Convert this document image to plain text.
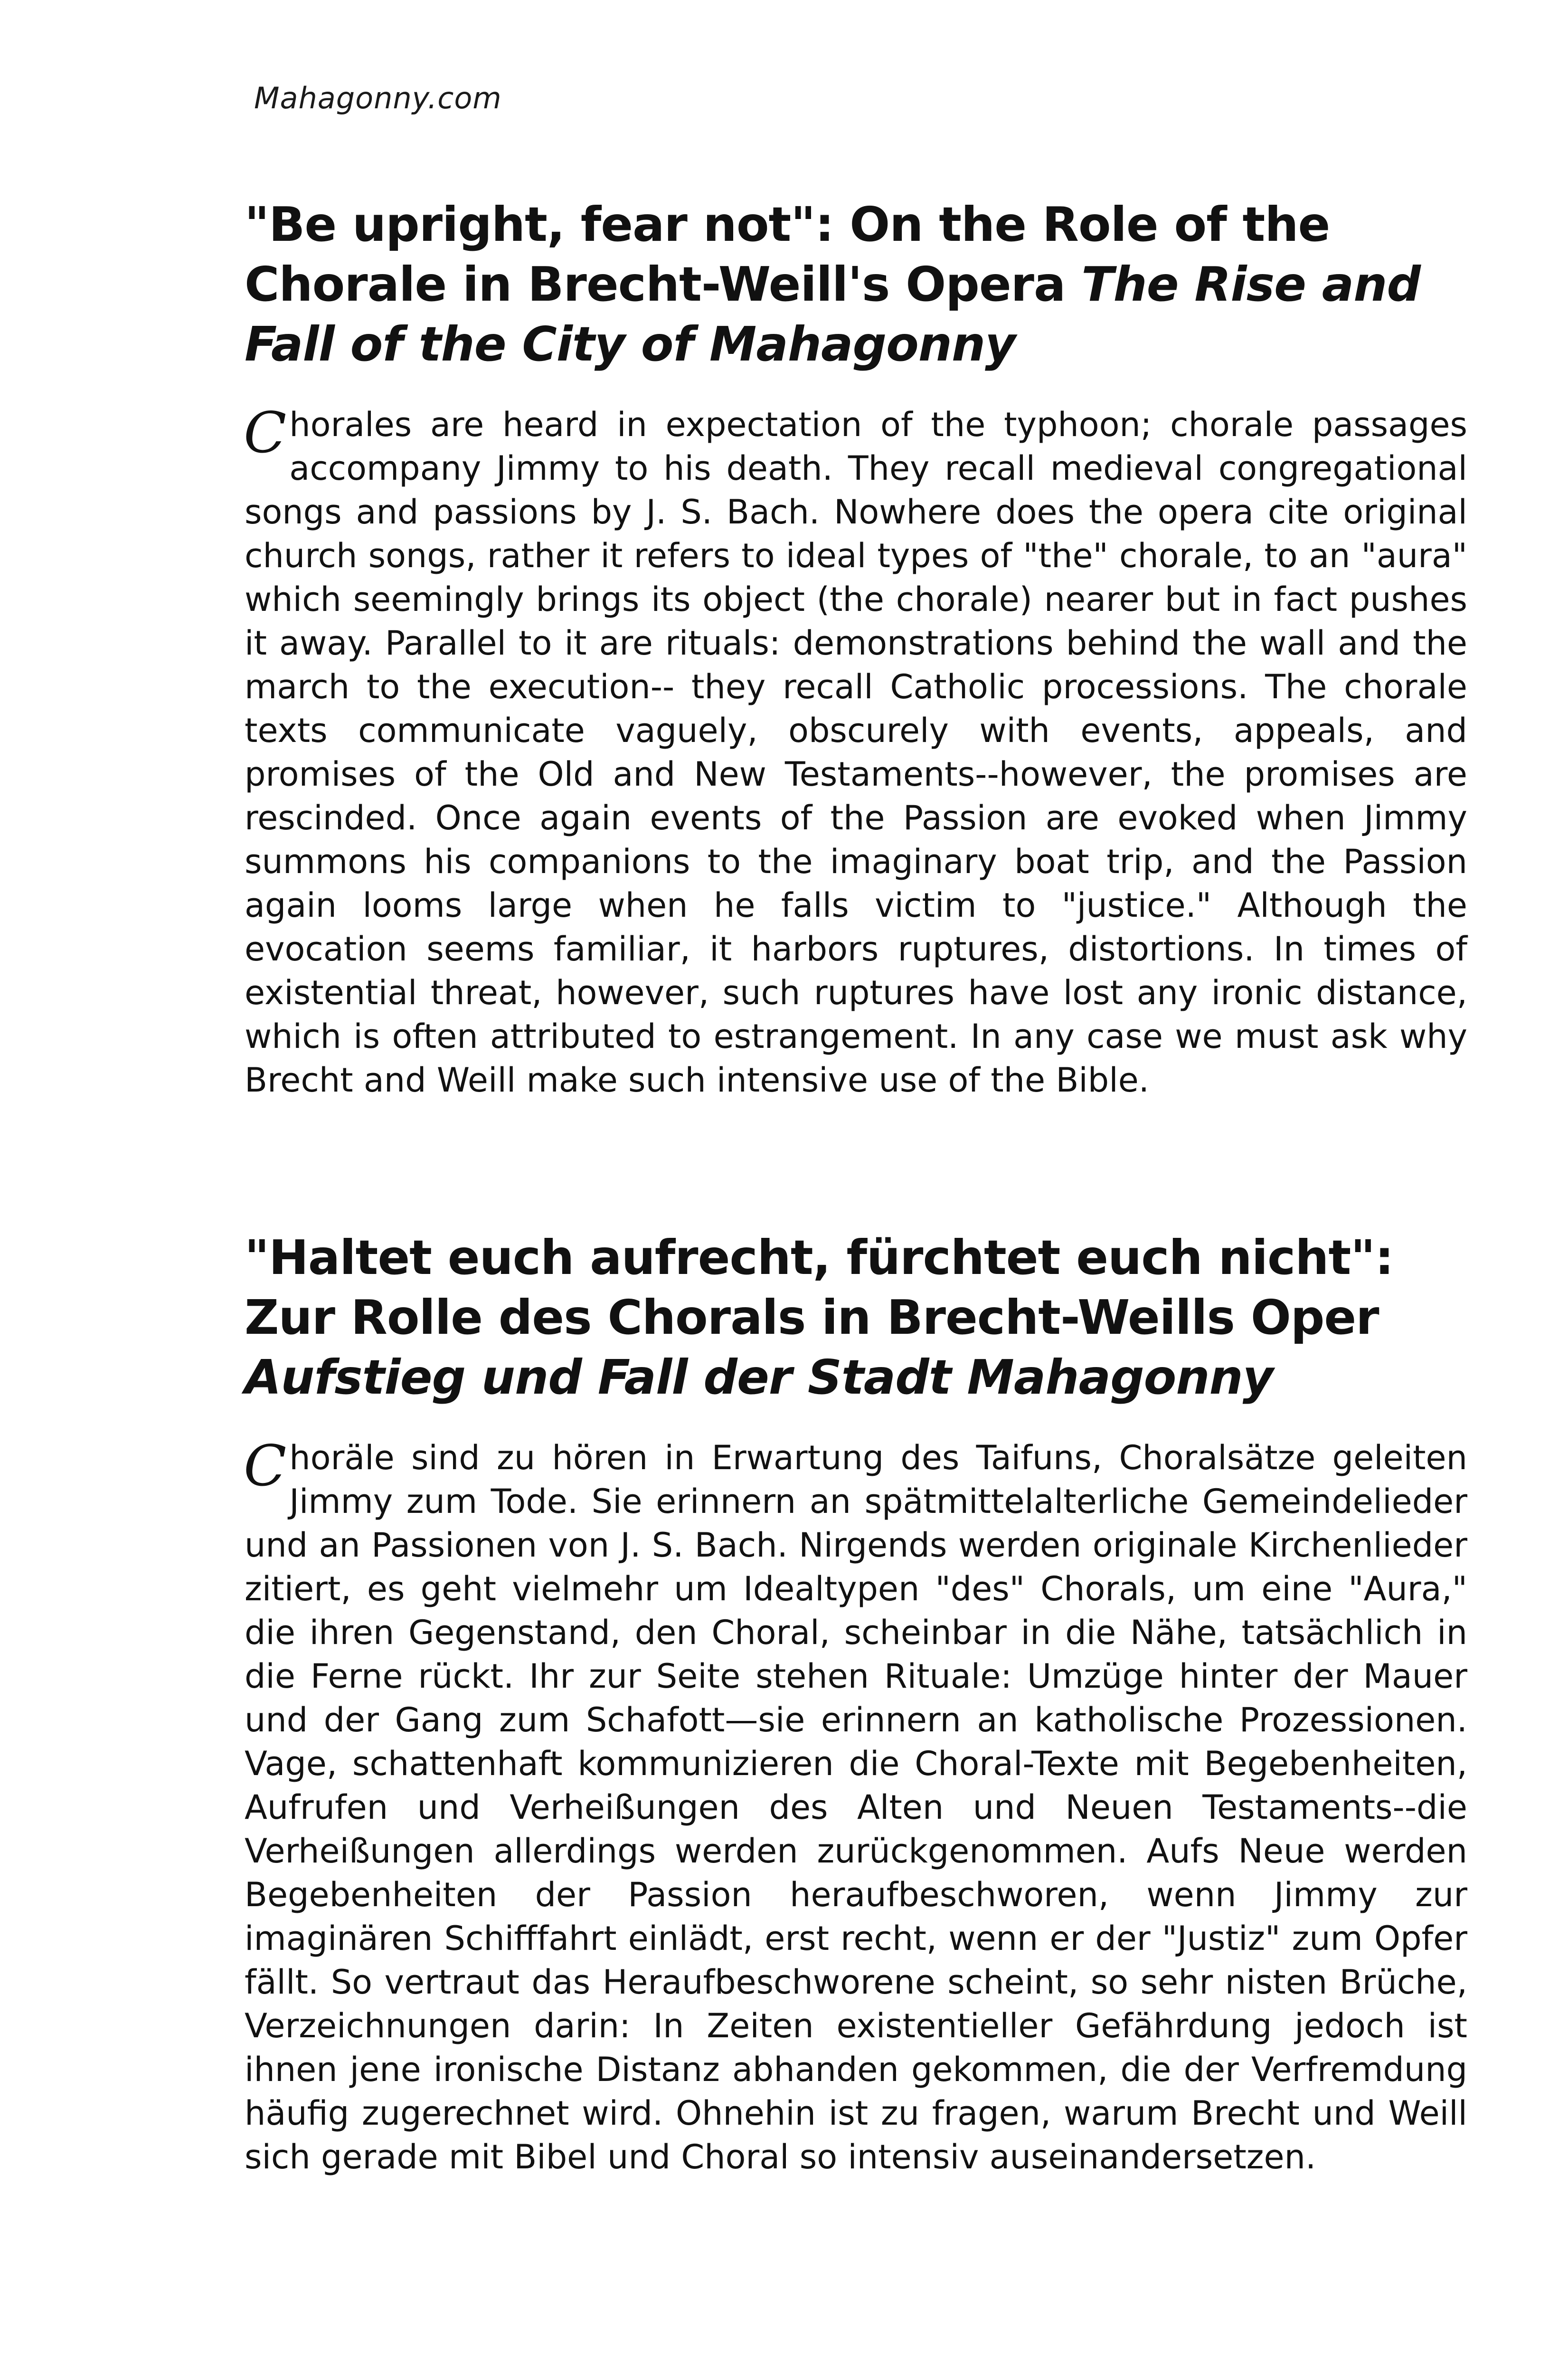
Mahagonny.com
"Be upright, fear not": On the Role of the Chorale in Brecht-Weill's Opera The Rise and Fall of the City of Mahagonny

Chorales are heard in expectation of the typhoon; chorale passages accompany Jimmy to his death. They recall medieval congregational songs and passions by J. S. Bach. Nowhere does the opera cite original church songs, rather it refers to ideal types of "the" chorale, to an "aura" which seemingly brings its object (the chorale) nearer but in fact pushes it away. Parallel to it are rituals: demonstrations behind the wall and the march to the execution-- they recall Catholic processions. The chorale texts communicate vaguely, obscurely with events, appeals, and promises of the Old and New Testaments--however, the promises are rescinded. Once again events of the Passion are evoked when Jimmy summons his companions to the imaginary boat trip, and the Passion again looms large when he falls victim to "justice." Although the evocation seems familiar, it harbors ruptures, distortions. In times of existential threat, however, such ruptures have lost any ironic distance, which is often attributed to estrangement. In any case we must ask why Brecht and Weill make such intensive use of the Bible.

"Haltet euch aufrecht, fürchtet euch nicht": Zur Rolle des Chorals in Brecht-Weills Oper Aufstieg und Fall der Stadt Mahagonny

Choräle sind zu hören in Erwartung des Taifuns, Choralsätze geleiten Jimmy zum Tode. Sie erinnern an spätmittelalterliche Gemeindelieder und an Passionen von J. S. Bach. Nirgends werden originale Kirchenlieder zitiert, es geht vielmehr um Idealtypen "des" Chorals, um eine "Aura," die ihren Gegenstand, den Choral, scheinbar in die Nähe, tatsächlich in die Ferne rückt. Ihr zur Seite stehen Rituale: Umzüge hinter der Mauer und der Gang zum Schafott—sie erinnern an katholische Prozessionen. Vage, schattenhaft kommunizieren die Choral-Texte mit Begebenheiten, Aufrufen und Verheißungen des Alten und Neuen Testaments--die Verheißungen allerdings werden zurückgenommen. Aufs Neue werden Begebenheiten der Passion heraufbeschworen, wenn Jimmy zur imaginären Schifffahrt einlädt, erst recht, wenn er der "Justiz" zum Opfer fällt. So vertraut das Heraufbeschworene scheint, so sehr nisten Brüche, Verzeichnungen darin: In Zeiten existentieller Gefährdung jedoch ist ihnen jene ironische Distanz abhanden gekommen, die der Verfremdung häufig zugerechnet wird. Ohnehin ist zu fragen, warum Brecht und Weill sich gerade mit Bibel und Choral so intensiv auseinandersetzen.
